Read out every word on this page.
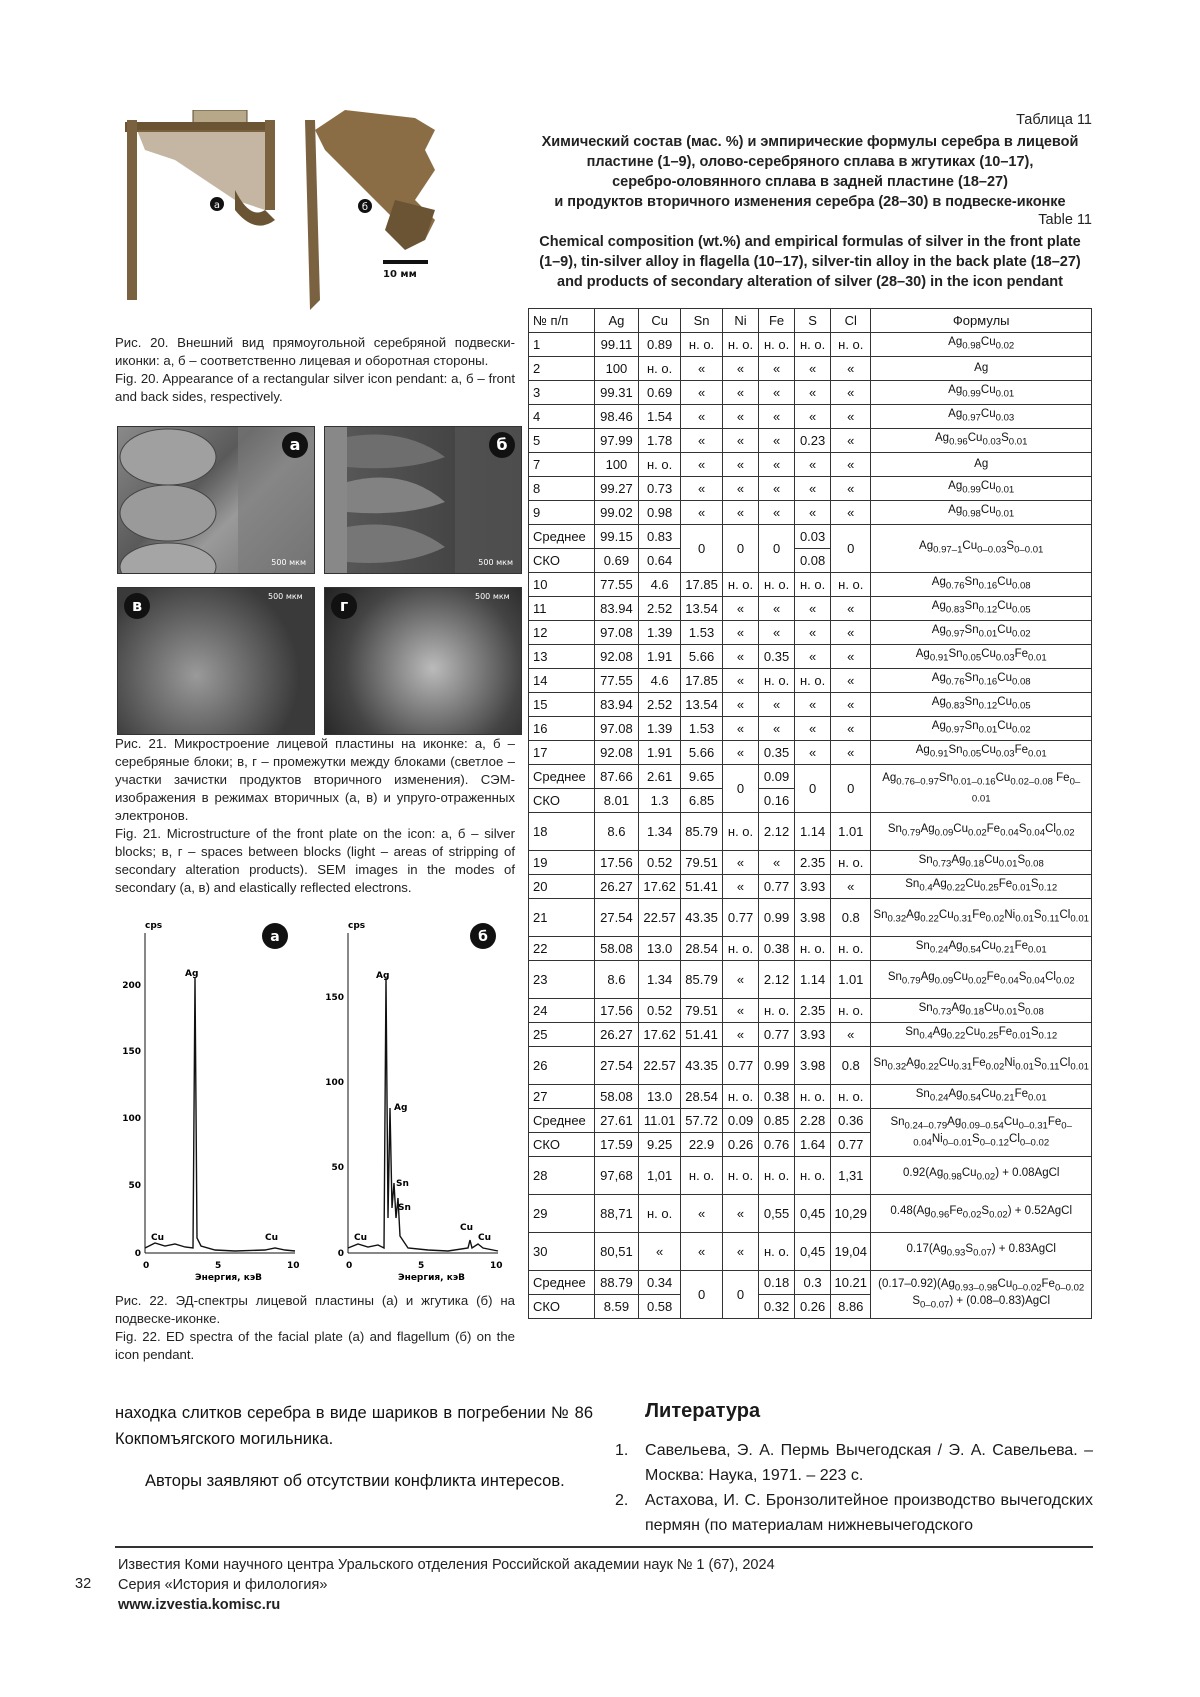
а	б
10 мм
Рис. 20. Внешний вид прямоугольной серебряной подвески-иконки: а, б – соответственно лицевая и оборотная стороны.
Fig. 20. Appearance of a rectangular silver icon pendant: a, б – front and back sides, respectively.
а
500 мкм
б
500 мкм
в	500 мкм	г	500 мкм
Рис. 21. Микростроение лицевой пластины на иконке: а, б – серебряные блоки; в, г – промежутки между блоками (светлое – участки зачистки продуктов вторичного изменения). СЭМ-изображения в режимах вторичных (а, в) и упруго-отраженных электронов.
Fig. 21. Microstructure of the front plate on the icon: a, б – silver blocks; в, г – spaces between blocks (light – areas of stripping of secondary alteration products). SEM images in the modes of secondary (а, в) and elastically reflected electrons.
cps
0
50
100
150
200
Ag
Cu	Cu
0	5	10
Энергия, кэВ
а
cps
0
50
100
150
Ag
Ag
Sn
Sn
Cu
Cu
Cu
0	5	10
Энергия, кэВ
б
Рис. 22. ЭД-спектры лицевой пластины (а) и жгутика (б) на подвеске-иконке.
Fig. 22. ED spectra of the facial plate (a) and flagellum (б) on the icon pendant.
Таблица 11
Химический состав (мас. %) и эмпирические формулы серебра в лицевой
пластине (1–9), олово-серебряного сплава в жгутиках (10–17),
серебро-оловянного сплава в задней пластине (18–27)
и продуктов вторичного изменения серебра (28–30) в подвеске-иконке
Table 11
Chemical composition (wt.%) and empirical formulas of silver in the front plate
(1–9), tin-silver alloy in flagella (10–17), silver-tin alloy in the back plate (18–27)
and products of secondary alteration of silver (28–30) in the icon pendant
№ п/п	Ag	Cu	Sn	Ni	Fe	S	Cl	Формулы
1	99.11	0.89	н. о.	н. о.	н. о.	н. о.	н. о.	$Ag_{0.98}Cu_{0.02}$
2	100	н. о.	«	«	«	«	«	Ag
3	99.31	0.69	«	«	«	«	«	$Ag_{0.99}Cu_{0.01}$
4	98.46	1.54	«	«	«	«	«	$Ag_{0.97}Cu_{0.03}$
5	97.99	1.78	«	«	«	0.23	«	$Ag_{0.96}Cu_{0.03}S_{0.01}$
7	100	н. о.	«	«	«	«	«	Ag
8	99.27	0.73	«	«	«	«	«	$Ag_{0.99}Cu_{0.01}$
9	99.02	0.98	«	«	«	«	«	$Ag_{0.98}Cu_{0.01}$
Среднее	99.15	0.83	0	0	0	0.03	0	$Ag_{0.97-1}Cu_{0-0.03}S_{0-0.01}$
СКО	0.69	0.64				0.08		
10	77.55	4.6	17.85	н. о.	н. о.	н. о.	н. о.	$Ag_{0.76}Sn_{0.16}Cu_{0.08}$
11	83.94	2.52	13.54	«	«	«	«	$Ag_{0.83}Sn_{0.12}Cu_{0.05}$
12	97.08	1.39	1.53	«	«	«	«	$Ag_{0.97}Sn_{0.01}Cu_{0.02}$
13	92.08	1.91	5.66	«	0.35	«	«	$Ag_{0.91}Sn_{0.05}Cu_{0.03}Fe_{0.01}$
14	77.55	4.6	17.85	«	н. о.	н. о.	«	$Ag_{0.76}Sn_{0.16}Cu_{0.08}$
15	83.94	2.52	13.54	«	«	«	«	$Ag_{0.83}Sn_{0.12}Cu_{0.05}$
16	97.08	1.39	1.53	«	«	«	«	$Ag_{0.97}Sn_{0.01}Cu_{0.02}$
17	92.08	1.91	5.66	«	0.35	«	«	$Ag_{0.91}Sn_{0.05}Cu_{0.03}Fe_{0.01}$
Среднее	87.66	2.61	9.65	0	0.09	0	0	$Ag_{0.76-0.97}Sn_{0.01-0.16}Cu_{0.02-0.08}$ $Fe_{0-0.01}$
СКО	8.01	1.3	6.85		0.16			
18	8.6	1.34	85.79	н. о.	2.12	1.14	1.01	$Sn_{0.79}Ag_{0.09}Cu_{0.02}Fe_{0.04}S_{0.04}Cl_{0.02}$
19	17.56	0.52	79.51	«	«	2.35	н. о.	$Sn_{0.73}Ag_{0.18}Cu_{0.01}S_{0.08}$
20	26.27	17.62	51.41	«	0.77	3.93	«	$Sn_{0.4}Ag_{0.22}Cu_{0.25}Fe_{0.01}S_{0.12}$
21	27.54	22.57	43.35	0.77	0.99	3.98	0.8	$Sn_{0.32}Ag_{0.22}Cu_{0.31}Fe_{0.02}Ni_{0.01}S_{0.11}Cl_{0.01}$
22	58.08	13.0	28.54	н. о.	0.38	н. о.	н. о.	$Sn_{0.24}Ag_{0.54}Cu_{0.21}Fe_{0.01}$
23	8.6	1.34	85.79	«	2.12	1.14	1.01	$Sn_{0.79}Ag_{0.09}Cu_{0.02}Fe_{0.04}S_{0.04}Cl_{0.02}$
24	17.56	0.52	79.51	«	н. о.	2.35	н. о.	$Sn_{0.73}Ag_{0.18}Cu_{0.01}S_{0.08}$
25	26.27	17.62	51.41	«	0.77	3.93	«	$Sn_{0.4}Ag_{0.22}Cu_{0.25}Fe_{0.01}S_{0.12}$
26	27.54	22.57	43.35	0.77	0.99	3.98	0.8	$Sn_{0.32}Ag_{0.22}Cu_{0.31}Fe_{0.02}Ni_{0.01}S_{0.11}Cl_{0.01}$
27	58.08	13.0	28.54	н. о.	0.38	н. о.	н. о.	$Sn_{0.24}Ag_{0.54}Cu_{0.21}Fe_{0.01}$
Среднее	27.61	11.01	57.72	0.09	0.85	2.28	0.36	$Sn_{0.24-0.79}Ag_{0.09-0.54}Cu_{0-0.31}Fe_{0-0.04}Ni_{0-0.01}S_{0-0.12}Cl_{0-0.02}$
СКО	17.59	9.25	22.9	0.26	0.76	1.64	0.77	
28	97,68	1,01	н. о.	н. о.	н. о.	н. о.	1,31	$0.92(Ag_{0.98}Cu_{0.02})$ + 0.08AgCl
29	88,71	н. о.	«	«	0,55	0,45	10,29	$0.48(Ag_{0.96}Fe_{0.02}S_{0.02})$ + 0.52AgCl
30	80,51	«	«	«	н. о.	0,45	19,04	$0.17(Ag_{0.93}S_{0.07})$ + 0.83AgCl
Среднее	88.79	0.34	0	0	0.18	0.3	10.21	$(0.17-0.92)(Ag_{0.93-0.98}Cu_{0-0.02}Fe_{0-0.02}$ $S_{0-0.07}$) + (0.08–0.83)AgCl
СКО	8.59	0.58			0.32	0.26	8.86	
находка слитков серебра в виде шариков в погребении № 86 Кокпомъягского могильника.
Авторы заявляют об отсутствии конфликта интересов.
Литература
1. Савельева, Э. А. Пермь Вычегодская / Э. А. Савельева. – Москва: Наука, 1971. – 223 с.
2. Астахова, И. С. Бронзолитейное производство вычегодских пермян (по материалам нижневычегодского
32
Известия Коми научного центра Уральского отделения Российской академии наук № 1 (67), 2024
Серия «История и филология»
www.izvestia.komisc.ru
